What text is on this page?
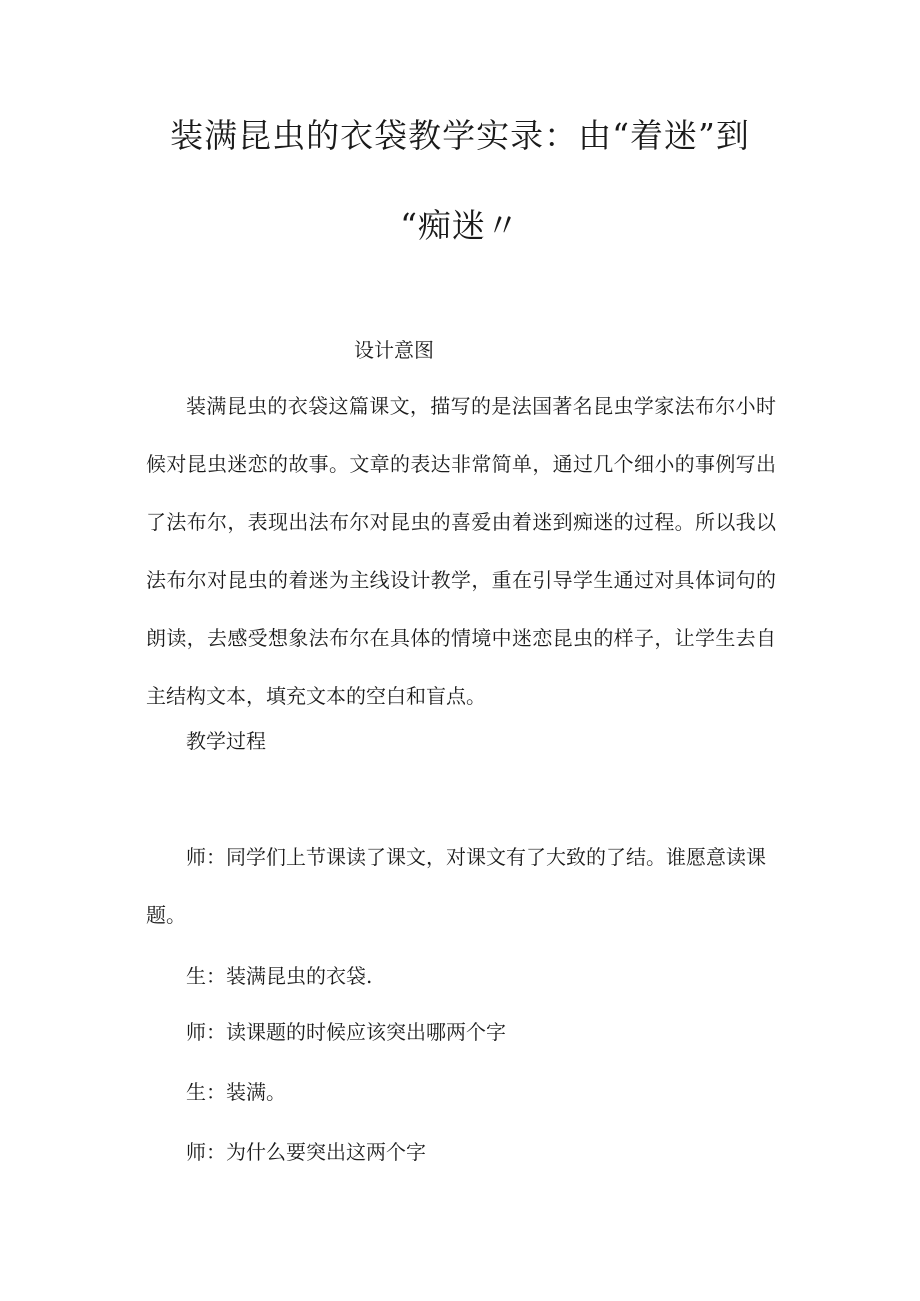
装满昆虫的衣袋教学实录：由“着迷”到
“痴迷〃
设计意图

装满昆虫的衣袋这篇课文，描写的是法国著名昆虫学家法布尔小时候对昆虫迷恋的故事。文章的表达非常简单，通过几个细小的事例写出了法布尔，表现出法布尔对昆虫的喜爱由着迷到痴迷的过程。所以我以法布尔对昆虫的着迷为主线设计教学，重在引导学生通过对具体词句的朗读，去感受想象法布尔在具体的情境中迷恋昆虫的样子，让学生去自主结构文本，填充文本的空白和盲点。

教学过程

师：同学们上节课读了课文，对课文有了大致的了结。谁愿意读课题。

生：装满昆虫的衣袋.

师：读课题的时候应该突出哪两个字

生：装满。

师：为什么要突出这两个字
